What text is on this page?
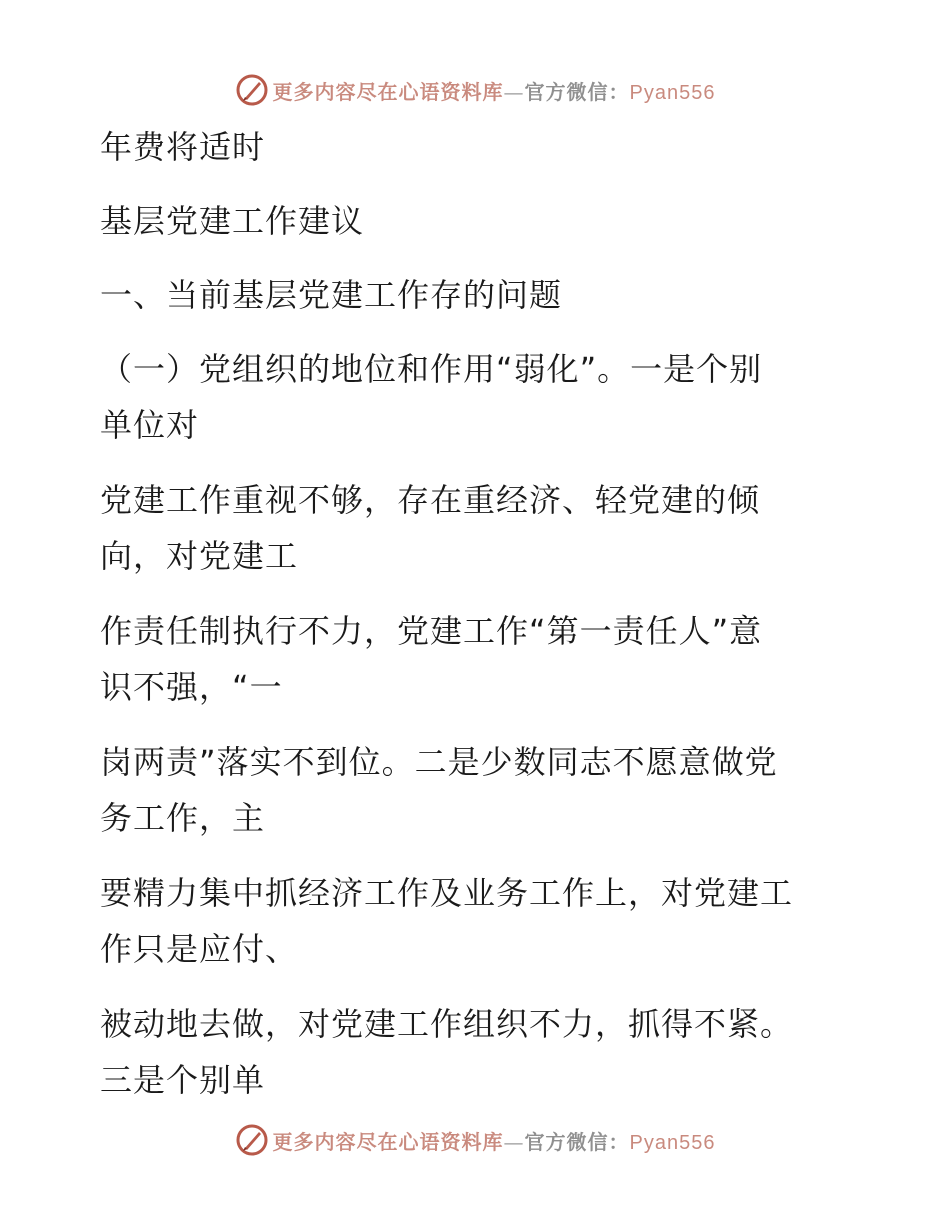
更多内容尽在心语资料库—官方微信：Pyan556
年费将适时
基层党建工作建议
一、当前基层党建工作存的问题
（一）党组织的地位和作用“弱化”。一是个别
单位对
党建工作重视不够，存在重经济、轻党建的倾
向，对党建工
作责任制执行不力，党建工作“第一责任人”意
识不强，“一
岗两责”落实不到位。二是少数同志不愿意做党
务工作，主
要精力集中抓经济工作及业务工作上，对党建工
作只是应付、
被动地去做，对党建工作组织不力，抓得不紧。
三是个别单
更多内容尽在心语资料库—官方微信：Pyan556
